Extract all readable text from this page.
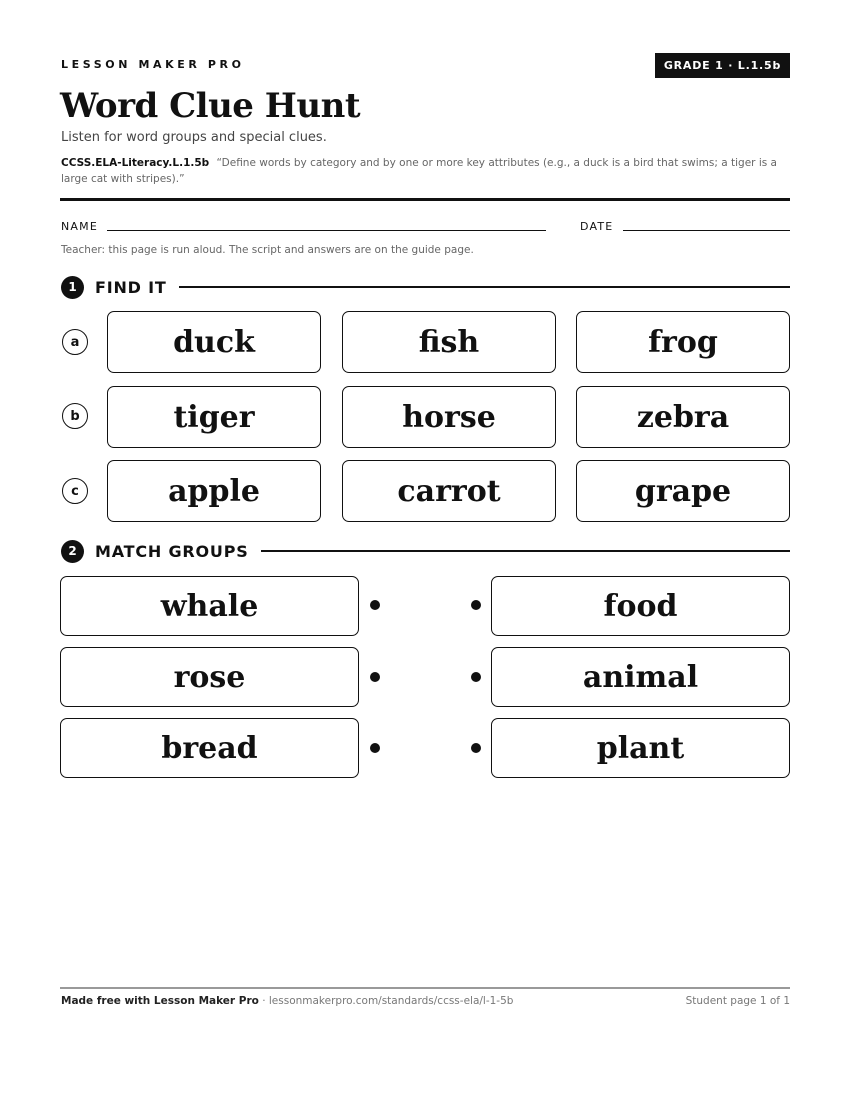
LESSON MAKER PRO	GRADE 1 · L.1.5b
Word Clue Hunt
Listen for word groups and special clues.
CCSS.ELA-Literacy.L.1.5b “Define words by category and by one or more key attributes (e.g., a duck is a bird that swims; a tiger is a large cat with stripes).”
NAME	DATE
Teacher: this page is run aloud. The script and answers are on the guide page.
1	FIND IT
a	duck	fish	frog
b	tiger	horse	zebra
c	apple	carrot	grape
2	MATCH GROUPS
whale	food
rose	animal
bread	plant
Made free with Lesson Maker Pro · lessonmakerpro.com/standards/ccss-ela/l-1-5b	Student page 1 of 1
